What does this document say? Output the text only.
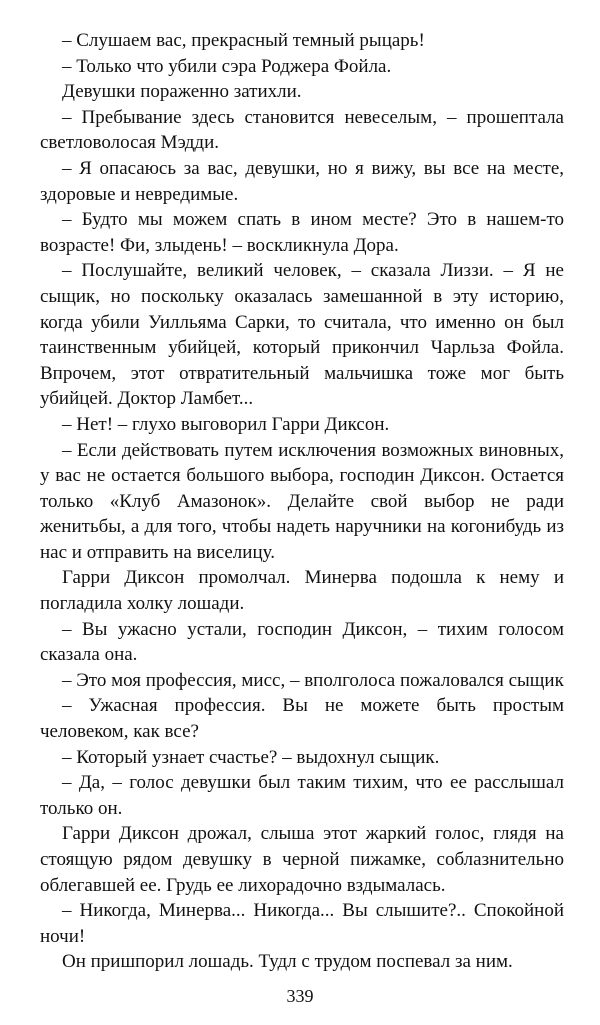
– Слушаем вас, прекрасный темный рыцарь!

– Только что убили сэра Роджера Фойла.

Девушки пораженно затихли.

– Пребывание здесь становится невеселым, – прошептала светловолосая Мэдди.

– Я опасаюсь за вас, девушки, но я вижу, вы все на месте, здоровые и невредимые.

– Будто мы можем спать в ином месте? Это в нашем-то возрасте! Фи, злыдень! – воскликнула Дора.

– Послушайте, великий человек, – сказала Лиззи. – Я не сыщик, но поскольку оказалась замешанной в эту историю, когда убили Уилльяма Сарки, то считала, что именно он был таинственным убийцей, который прикончил Чарльза Фойла. Впрочем, этот отвратительный мальчишка тоже мог быть убийцей. Доктор Ламбет...

– Нет! – глухо выговорил Гарри Диксон.

– Если действовать путем исключения возможных виновных, у вас не остается большого выбора, господин Диксон. Остается только «Клуб Амазонок». Делайте свой выбор не ради женитьбы, а для того, чтобы надеть наручники на когонибудь из нас и отправить на виселицу.

Гарри Диксон промолчал. Минерва подошла к нему и погладила холку лошади.

– Вы ужасно устали, господин Диксон, – тихим голосом сказала она.

– Это моя профессия, мисс, – вполголоса пожаловался сыщик

– Ужасная профессия. Вы не можете быть простым человеком, как все?

– Который узнает счастье? – выдохнул сыщик.

– Да, – голос девушки был таким тихим, что ее расслышал только он.

Гарри Диксон дрожал, слыша этот жаркий голос, глядя на стоящую рядом девушку в черной пижамке, соблазнительно облегавшей ее. Грудь ее лихорадочно вздымалась.

– Никогда, Минерва... Никогда... Вы слышите?.. Спокойной ночи!

Он пришпорил лошадь. Тудл с трудом поспевал за ним.

339
